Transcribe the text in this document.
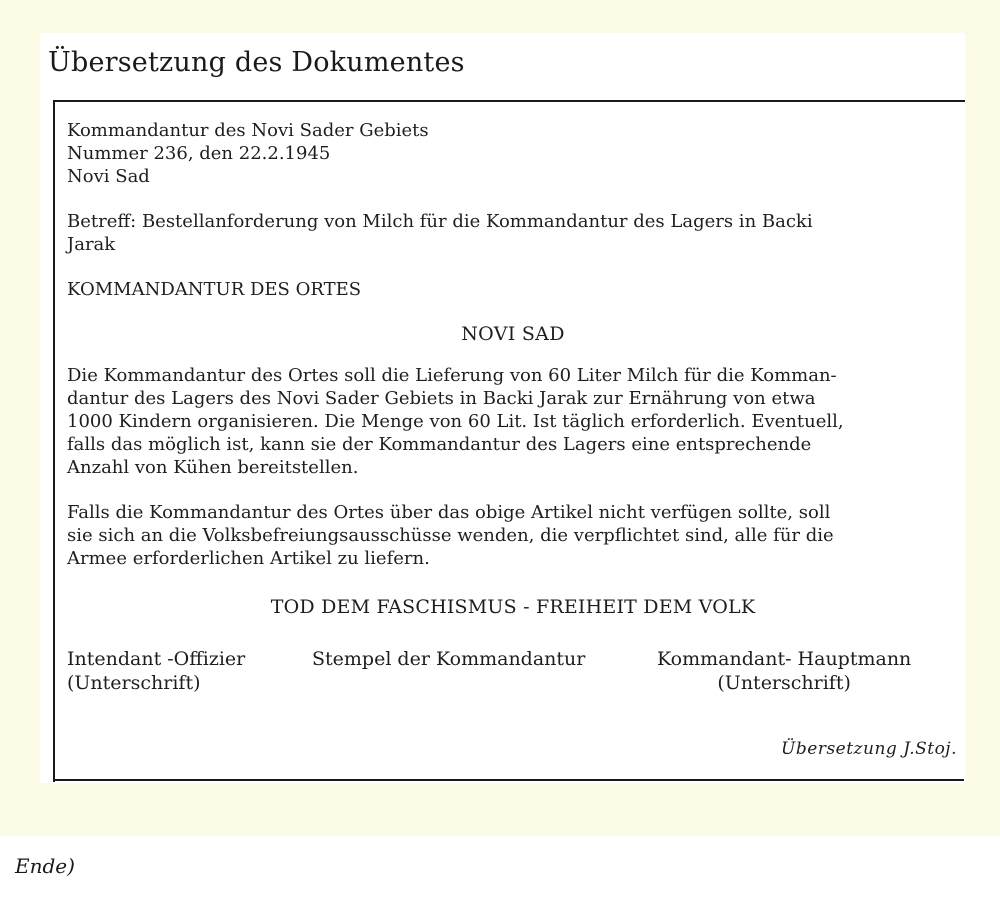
Übersetzung des Dokumentes
Kommandantur des Novi Sader Gebiets
Nummer 236, den 22.2.1945
Novi Sad
Betreff: Bestellanforderung von Milch für die Kommandantur des Lagers in Backi
Jarak
KOMMANDANTUR DES ORTES
NOVI SAD
Die Kommandantur des Ortes soll die Lieferung von 60 Liter Milch für die Komman-
dantur des Lagers des Novi Sader Gebiets in Backi Jarak zur Ernährung von etwa
1000 Kindern organisieren. Die Menge von 60 Lit. Ist täglich erforderlich. Eventuell,
falls das möglich ist, kann sie der Kommandantur des Lagers eine entsprechende
Anzahl von Kühen bereitstellen.
Falls die Kommandantur des Ortes über das obige Artikel nicht verfügen sollte, soll
sie sich an die Volksbefreiungsausschüsse wenden, die verpflichtet sind, alle für die
Armee erforderlichen Artikel zu liefern.
TOD DEM FASCHISMUS - FREIHEIT DEM VOLK
Intendant -Offizier
(Unterschrift)
Stempel der Kommandantur	Kommandant- Hauptmann
(Unterschrift)
Übersetzung J.Stoj.
Ende)
